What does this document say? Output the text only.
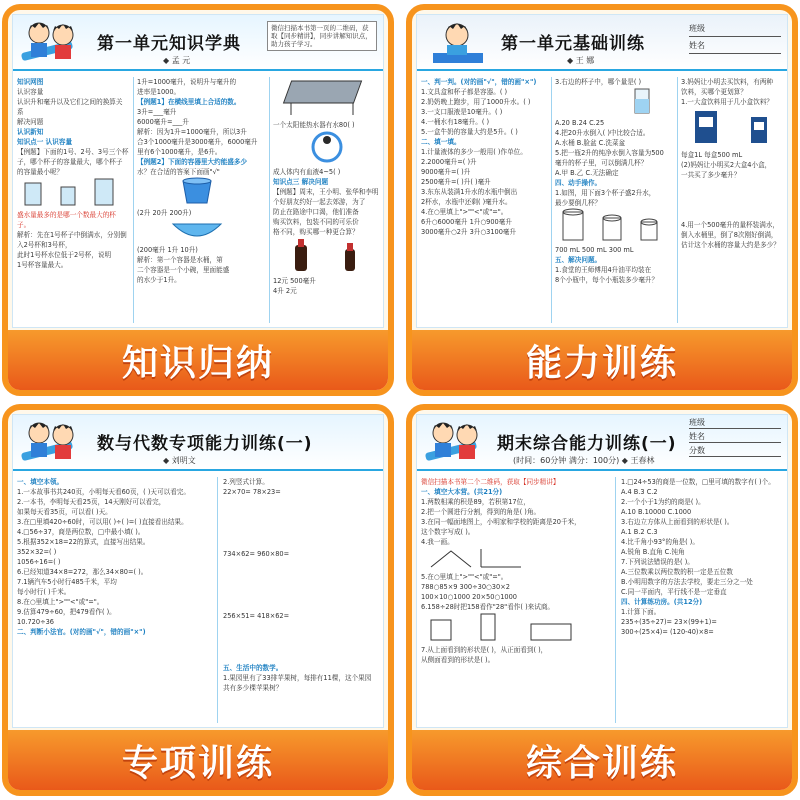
第一单元知识学典
◆ 孟 元
微信扫描本书第一页的二维码，获取【同步精讲】，同步讲解知识点，助力孩子学习。
知识网图
认识容量
认识升和毫升以及它们之间的换算关系
解决问题
认识新知
知识点一 认识容量
【例题】下面的1号、2号、3号三个杯子，哪个杯子的容量最大，哪个杯子的容量最小呢？
盛水量最多的是哪一个数最大的杯子。
解析：先在1号杯子中倒满水，分别倒入2号杯和3号杯，
此时1号杯水位低于2号杯，说明
1号杯容量最大。
1升=1000毫升，说明升与毫升的
进率是1000。
【例题1】在横线里填上合适的数。
3升=___毫升
6000毫升=___升
解析：因为1升=1000毫升，所以3升
合3个1000毫升是3000毫升，6000毫升
里有6个1000毫升，是6升。
【例题2】下面的容器里大约能盛多少
水？在合适的答案下面画"√"
(2升 20升 200升)
(200毫升 1升 10升)
解析：第一个容器是水桶，第
二个容器是一个小碗，里面能盛
的水少于1升。
一个太阳能热水器有水80( )
成人体内有血液4~5( )
知识点三 解决问题
【例题】周末，王小明、张华和李明
个好朋友约好一起去郊游，为了
防止在路途中口渴，他们准备
购买饮料，包装不同的可乐价
格不同，购买哪一种更合算？
12元 500毫升
4升 2元
知识归纳
第一单元基础训练
◆ 王 娜
班级
姓名
一、判一判。(对的画"√"，错的画"×")
1.文具盒和杯子都是容器。( )
2.奶奶晚上跑步，用了1000升水。( )
3.一支口服液是10毫升。( )
4.一桶水有18毫升。( )
5.一盒牛奶的容量大约是5升。( )
二、填一填。
1.计量液体的多少一般用( )作单位。
2.2000毫升=( )升
9000毫升=( )升
2500毫升=( )升( )毫升
3.东东从装满1升水的水瓶中倒出
2杯水，水瓶中还剩( )毫升水。
4.在○里填上">""<"或"="。
6升○6000毫升 1升○900毫升
3000毫升○2升 3升○3100毫升
3.右边的杯子中，哪个量是( )
A.20 B.24 C.25
4.把20升水倒入( )中比较合适。
A.水桶 B.脸盆 C.洗菜盆
5.把一瓶2升的纯净水倒入容量为500
毫升的杯子里，可以倒满几杯？
A.甲 B.乙 C.无法确定
四、动手操作。
1.如图，用下面3个杯子盛2升水，
最少要倒几杯？
700 mL 500 mL 300 mL
五、解决问题。
1.食堂的王师傅用4升油平均装在
8个小瓶中，每个小瓶装多少毫升？
3.妈妈让小明去买饮料，有两种
饮料，买哪个更划算？
1.一大盒饮料用于几小盒饮料？
每盒1L 每盒500 mL
(2)妈妈让小明买2大盒4小盒，
一共买了多少毫升？
4.用一个500毫升的量杯装满水，
倒入水桶里，倒了8次刚好倒满，
估计这个水桶的容量大约是多少？
能力训练
数与代数专项能力训练(一)
◆ 刘明文
一、填空本领。
1.一本故事书共240页，小明每天看60页，( )天可以看完。
2.一本书，李明每天看25页，14天刚好可以看完，
如果每天看35页，可以看( )天。
3.在□里填420÷60时，可以用( )÷( )=( )直接看出结果。
4.□56÷37，商是两位数，□中最小填( )。
5.根据352×18=22的算式，直接写出结果。
352×32=( )
1056÷16=( )
6.已经知道34×8=272，那么34×80=( )。
7.1辆汽车5小时行485千米，平均
每小时行( )千米。
8.在○里填上">""<"或"="。
9.估算479÷60，把479看作( )。
10.720÷36
二、判断小法官。(对的画"√"，错的画"×")
2.列竖式计算。
22×70= 78×23=
734×62= 960×80=
256×51= 418×62=
五、生活中的数学。
1.果园里有了33排苹果树，每排有11棵，这个果园
共有多少棵苹果树？
专项训练
期末综合能力训练(一)
(时间：60分钟 满分：100分) ◆ 王春林
班级
姓名
分数
微信扫描本书第二个二维码，获取【同步精讲】
一、填空大本营。(共21分)
1.两数相乘的积是89，若积第17位，
2.把一个圆进行分割，得到的角是( )角。
3.在同一幅面地图上，小明家和学校的距离是20千米，
这个数字写成( )。
4.我一画。
5.在○里填上">""<"或"="。
788○85×9 300÷30○30×2
100×10○1000 20×50○1000
6.158÷28时把158看作"28"看作( )来试商。
7.从上面看到的形状是( )，从正面看到( )，
从侧面看到的形状是( )。
1.□24÷53的商是一位数，□里可填的数字有( )个。
A.4 B.3 C.2
2.一个小于1为约的商是( )。
A.10 B.10000 C.1000
3.右边立方体从上面看到的形状是( )。
A.1 B.2 C.3
4.比千角小93°的角是( )。
A.锐角 B.直角 C.钝角
7.下列说法错误的是( )。
A.三位数乘以两位数的积一定是五位数
B.小明用数字的方法去学校，要走三分之一处
C.同一平面内，平行线不是一定垂直
四、计算练功房。(共12分)
1.计算下面。
235÷(35÷27)= 23×(99+1)=
300÷(25×4)= (120-40)×8=
综合训练
